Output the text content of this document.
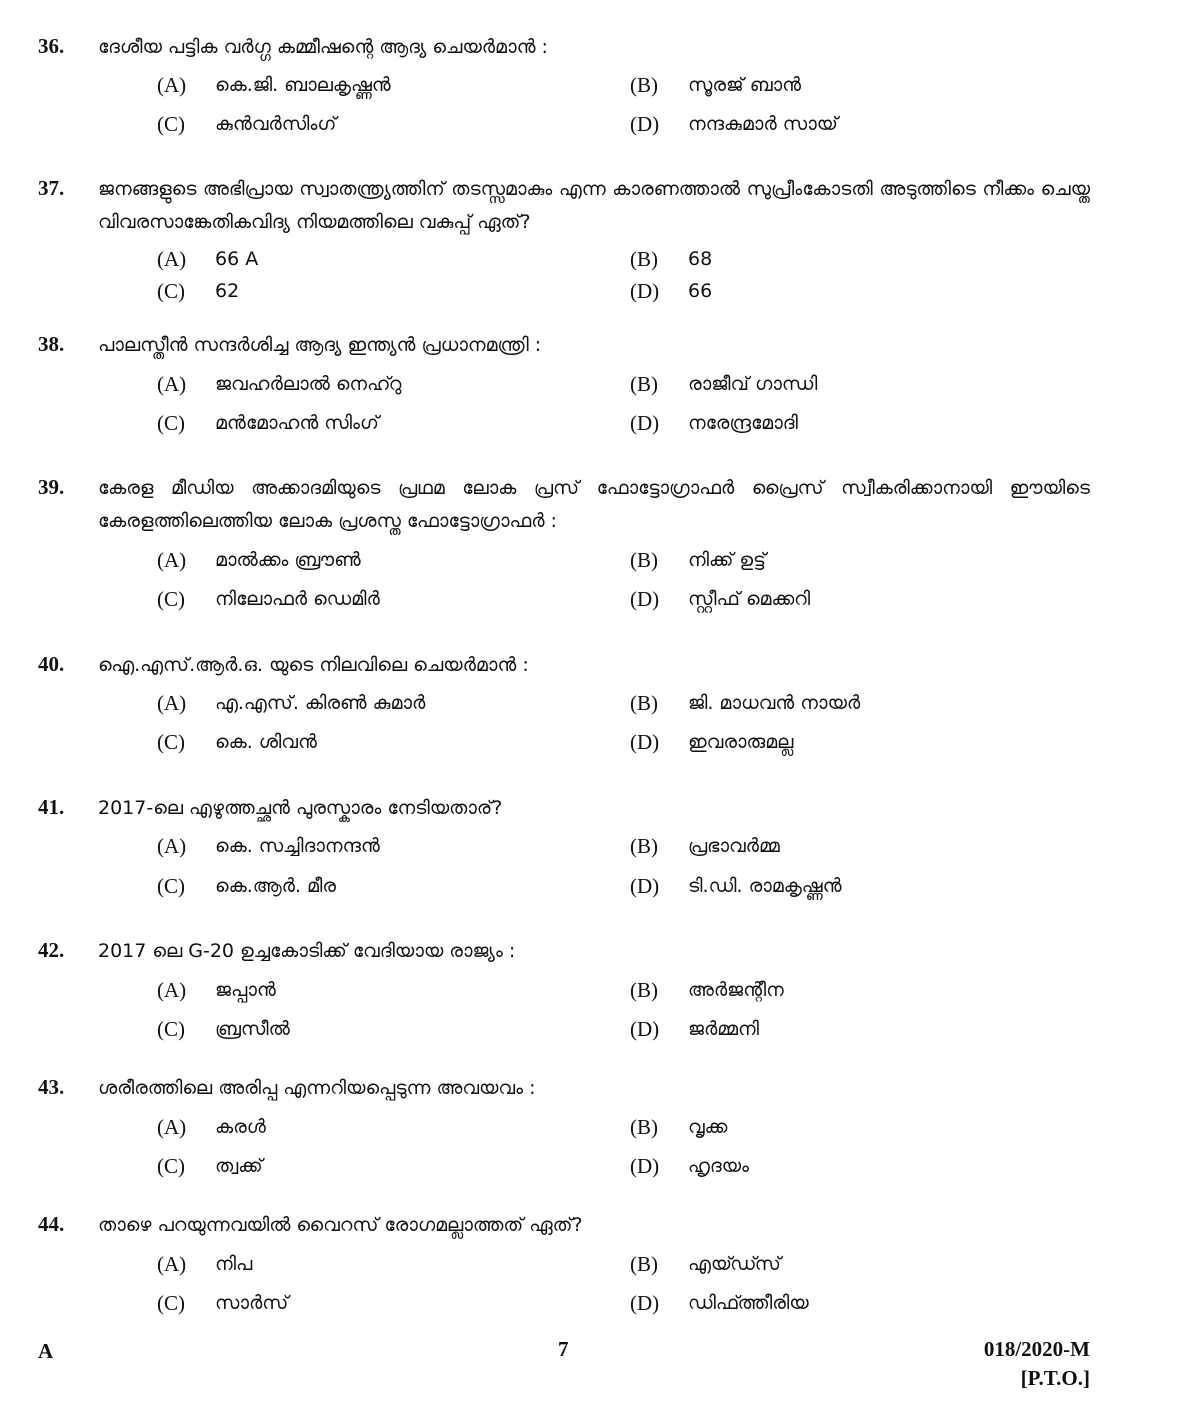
36. ദേശീയ പട്ടിക വർഗ്ഗ കമ്മീഷന്റെ ആദ്യ ചെയർമാൻ :
(A) കെ.ജി. ബാലകൃഷ്ണൻ	(B) സൂരജ് ബാൻ
(C) കുൻവർസിംഗ്	(D) നന്ദകുമാർ സായ്
37. ജനങ്ങളുടെ അഭിപ്രായ സ്വാതന്ത്ര്യത്തിന് തടസ്സമാകും എന്ന കാരണത്താൽ സുപ്രീംകോടതി അടുത്തിടെ നീക്കം ചെയ്ത വിവരസാങ്കേതികവിദ്യ നിയമത്തിലെ വകുപ്പ് ഏത്?
(A) 66 A	(B) 68
(C) 62	(D) 66
38. പാലസ്തീൻ സന്ദർശിച്ച ആദ്യ ഇന്ത്യൻ പ്രധാനമന്ത്രി :
(A) ജവഹർലാൽ നെഹ്റു	(B) രാജീവ് ഗാന്ധി
(C) മൻമോഹൻ സിംഗ്	(D) നരേന്ദ്രമോദി
39. കേരള മീഡിയ അക്കാദമിയുടെ പ്രഥമ ലോക പ്രസ് ഫോട്ടോഗ്രാഫർ പ്രൈസ് സ്വീകരിക്കാനായി ഈയിടെ കേരളത്തിലെത്തിയ ലോക പ്രശസ്ത ഫോട്ടോഗ്രാഫർ :
(A) മാൽക്കം ബ്രൗൺ	(B) നിക്ക് ഉട്ട്
(C) നിലോഫർ ഡെമിർ	(D) സ്റ്റീഫ് മെക്കറി
40. ഐ.എസ്.ആർ.ഒ. യുടെ നിലവിലെ ചെയർമാൻ :
(A) എ.എസ്. കിരൺ കുമാർ	(B) ജി. മാധവൻ നായർ
(C) കെ. ശിവൻ	(D) ഇവരാരുമല്ല
41. 2017-ലെ എഴുത്തച്ഛൻ പുരസ്കാരം നേടിയതാര്?
(A) കെ. സച്ചിദാനന്ദൻ	(B) പ്രഭാവർമ്മ
(C) കെ.ആർ. മീര	(D) ടി.ഡി. രാമകൃഷ്ണൻ
42. 2017 ലെ G-20 ഉച്ചകോടിക്ക് വേദിയായ രാജ്യം :
(A) ജപ്പാൻ	(B) അർജന്റീന
(C) ബ്രസീൽ	(D) ജർമ്മനി
43. ശരീരത്തിലെ അരിപ്പ എന്നറിയപ്പെടുന്ന അവയവം :
(A) കരൾ	(B) വൃക്ക
(C) ത്വക്ക്	(D) ഹൃദയം
44. താഴെ പറയുന്നവയിൽ വൈറസ് രോഗമല്ലാത്തത് ഏത്?
(A) നിപ	(B) എയ്ഡ്സ്
(C) സാർസ്	(D) ഡിഫ്ത്തീരിയ
A	7	018/2020-M
[P.T.O.]
